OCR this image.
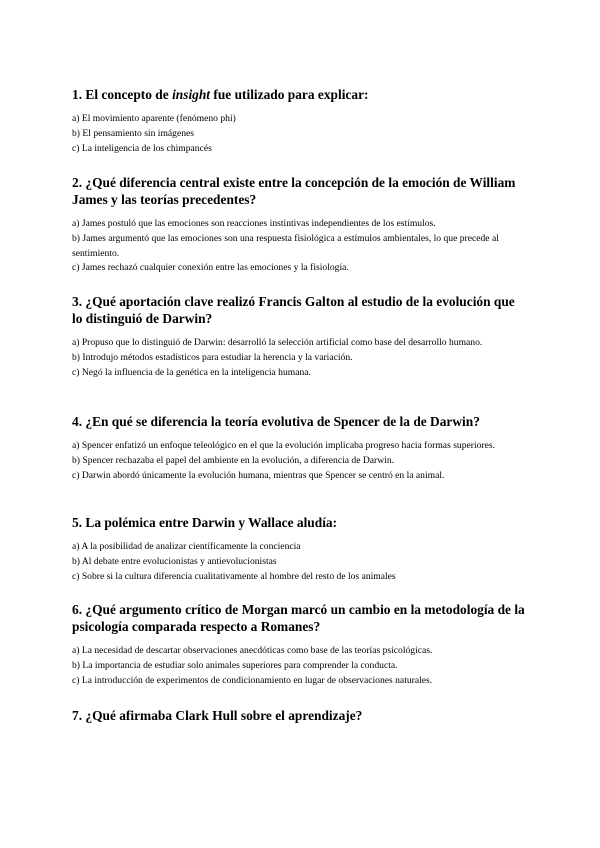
1. El concepto de insight fue utilizado para explicar:

a) El movimiento aparente (fenómeno phi)
b) El pensamiento sin imágenes
c) La inteligencia de los chimpancés

2. ¿Qué diferencia central existe entre la concepción de la emoción de William James y las teorías precedentes?

a) James postuló que las emociones son reacciones instintivas independientes de los estímulos.
b) James argumentó que las emociones son una respuesta fisiológica a estímulos ambientales, lo que precede al sentimiento.
c) James rechazó cualquier conexión entre las emociones y la fisiología.

3. ¿Qué aportación clave realizó Francis Galton al estudio de la evolución que lo distinguió de Darwin?

a) Propuso que lo distinguió de Darwin: desarrolló la selección artificial como base del desarrollo humano.
b) Introdujo métodos estadísticos para estudiar la herencia y la variación.
c) Negó la influencia de la genética en la inteligencia humana.

4. ¿En qué se diferencia la teoría evolutiva de Spencer de la de Darwin?

a) Spencer enfatizó un enfoque teleológico en el que la evolución implicaba progreso hacia formas superiores.
b) Spencer rechazaba el papel del ambiente en la evolución, a diferencia de Darwin.
c) Darwin abordó únicamente la evolución humana, mientras que Spencer se centró en la animal.

5. La polémica entre Darwin y Wallace aludía:

a) A la posibilidad de analizar científicamente la conciencia
b) Al debate entre evolucionistas y antievolucionistas
c) Sobre si la cultura diferencia cualitativamente al hombre del resto de los animales

6. ¿Qué argumento crítico de Morgan marcó un cambio en la metodología de la psicología comparada respecto a Romanes?

a) La necesidad de descartar observaciones anecdóticas como base de las teorías psicológicas.
b) La importancia de estudiar solo animales superiores para comprender la conducta.
c) La introducción de experimentos de condicionamiento en lugar de observaciones naturales.

7. ¿Qué afirmaba Clark Hull sobre el aprendizaje?
